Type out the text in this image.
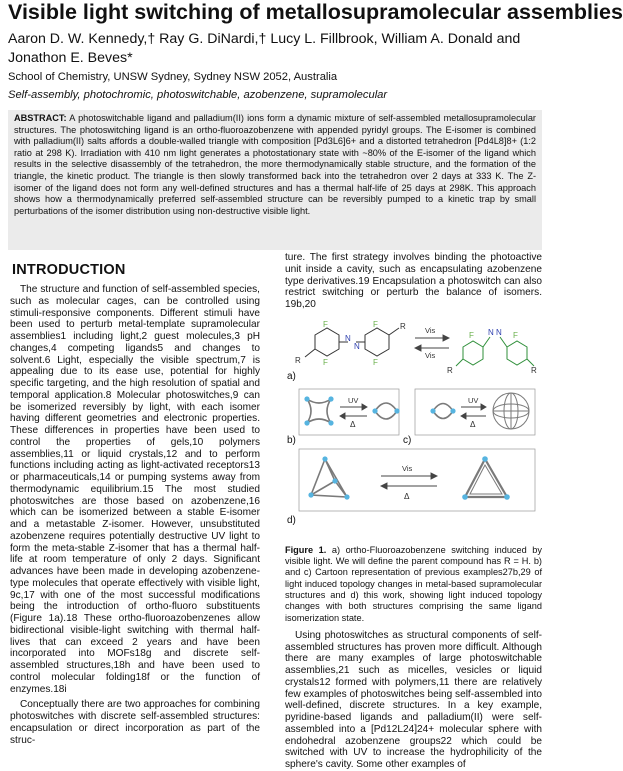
Visible light switching of metallosupramolecular assemblies
Aaron D. W. Kennedy,† Ray G. DiNardi,† Lucy L. Fillbrook, William A. Donald and Jonathon E. Beves*
School of Chemistry, UNSW Sydney, Sydney NSW 2052, Australia
Self-assembly, photochromic, photoswitchable, azobenzene, supramolecular
ABSTRACT: A photoswitchable ligand and palladium(II) ions form a dynamic mixture of self-assembled metallosupramolecular structures. The photoswitching ligand is an ortho-fluoroazobenzene with appended pyridyl groups. The E-isomer is combined with palladium(II) salts affords a double-walled triangle with composition [Pd3L6]6+ and a distorted tetrahedron [Pd4L8]8+ (1:2 ratio at 298 K). Irradiation with 410 nm light generates a photostationary state with ~80% of the E-isomer of the ligand which results in the selective disassembly of the tetrahedron, the more thermodynamically stable structure, and the formation of the triangle, the kinetic product. The triangle is then slowly transformed back into the tetrahedron over 2 days at 333 K. The Z-isomer of the ligand does not form any well-defined structures and has a thermal half-life of 25 days at 298K. This approach shows how a thermodynamically preferred self-assembled structure can be reversibly pumped to a kinetic trap by small perturbations of the isomer distribution using non-destructive visible light.
INTRODUCTION

The structure and function of self-assembled species, such as molecular cages, can be controlled using stimuli-responsive components. Different stimuli have been used to perturb metal-template supramolecular assemblies1 including light,2 guest molecules,3 pH changes,4 competing ligands5 and changes to solvent.6 Light, especially the visible spectrum,7 is appealing due to its ease use, potential for highly specific targeting, and the high resolution of spatial and temporal application.8 Molecular photoswitches,9 can be isomerized reversibly by light, with each isomer having different geometries and electronic properties. These differences in properties have been used to control the properties of gels,10 polymers assemblies,11 or liquid crystals,12 and to perform functions including acting as light-activated receptors13 or pharmaceuticals,14 or pumping systems away from thermodynamic equilibrium.15 The most studied photoswitches are those based on azobenzene,16 which can be isomerized between a stable E-isomer and a metastable Z-isomer. However, unsubstituted azobenzene requires potentially destructive UV light to form the meta-stable Z-isomer that has a thermal half-life at room temperature of only 2 days. Significant advances have been made in developing azobenzene-type molecules that operate effectively with visible light, 9c,17 with one of the most successful modifications being the introduction of ortho-fluoro substituents (Figure 1a).18 These ortho-fluoroazobenzenes allow bidirectional visible-light switching with thermal half-lives that can exceed 2 years and have been incorporated into MOFs18g and discrete self-assembled structures,18h and have been used to control molecular folding18f or the function of enzymes.18i

Conceptually there are two approaches for combining photoswitches with discrete self-assembled structures: encapsulation or direct incorporation as part of the struc-

ture. The first strategy involves binding the photoactive unit inside a cavity, such as encapsulating azobenzene type derivatives.19 Encapsulation a photoswitch can also restrict switching or perturb the balance of isomers. 19b,20

F
F
F
F
N
N
R
R	Vis
Vis
N N
F	F
R	R
UV
Δ
UV
Δ
Vis
Δ
a)
b)	c)
d)

Figure 1. a) ortho-Fluoroazobenzene switching induced by visible light. We will define the parent compound has R = H. b) and c) Cartoon representation of previous examples27b,29 of light induced topology changes in metal-based supramolecular structures and d) this work, showing light induced topology changes with both structures comprising the same ligand isomerization state.

Using photoswitches as structural components of self-assembled structures has proven more difficult. Although there are many examples of large photoswitchable assemblies,21 such as micelles, vesicles or liquid crystals12 formed with polymers,11 there are relatively few examples of photoswitches being self-assembled into well-defined, discrete structures. In a key example, pyridine-based ligands and palladium(II) were self-assembled into a [Pd12L24]24+ molecular sphere with endohedral azobenzene groups22 which could be switched with UV to increase the hydrophilicity of the sphere's cavity. Some other examples of
